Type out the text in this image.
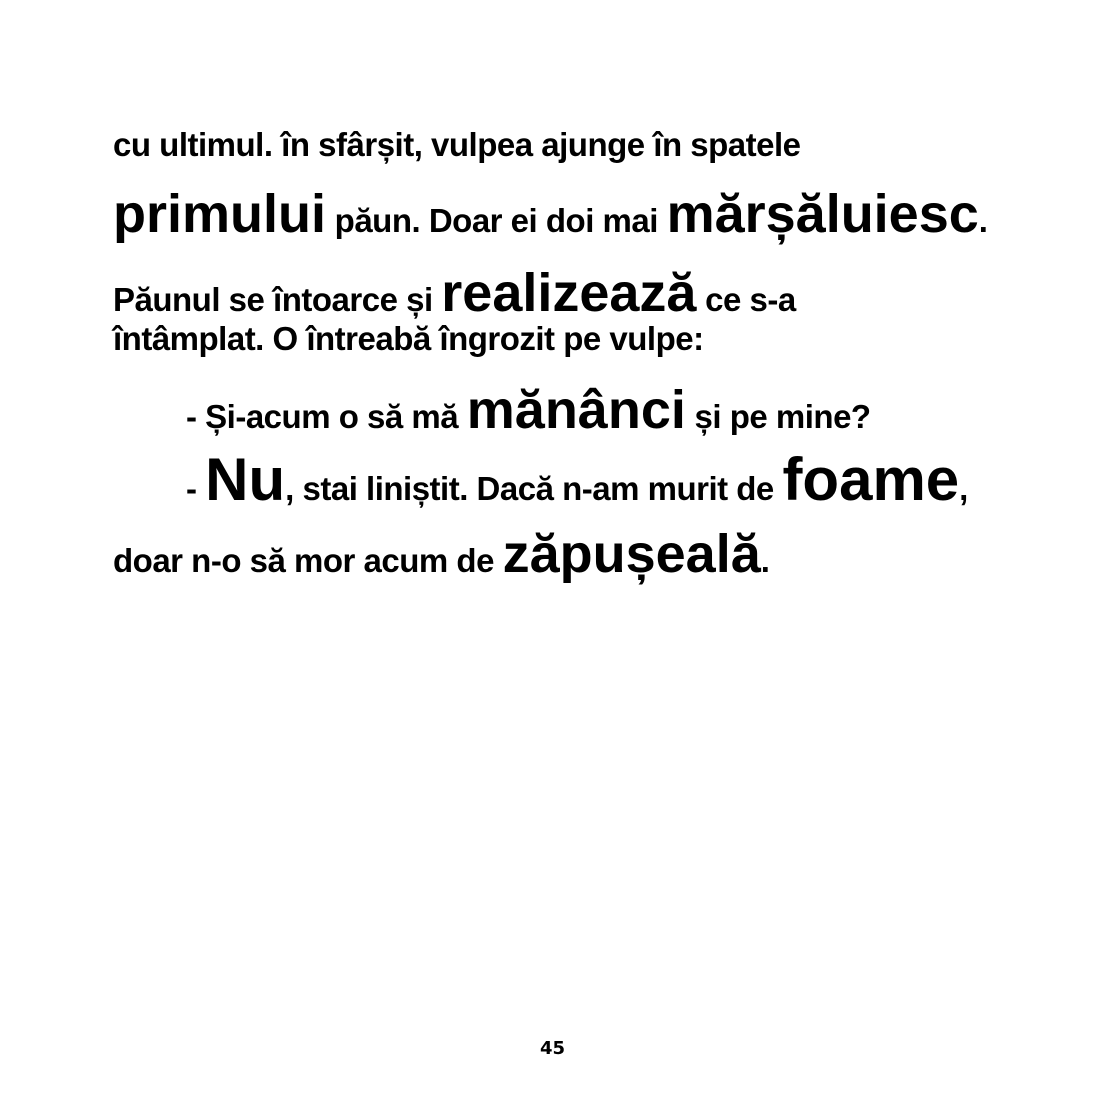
cu ultimul. în sfârșit, vulpea ajunge în spatele
primului păun. Doar ei doi mai mărșăluiesc.
Păunul se întoarce și realizează ce s-a
întâmplat. O întreabă îngrozit pe vulpe:
- Și-acum o să mă mănânci și pe mine?
- Nu, stai liniștit. Dacă n-am murit de foame,
doar n-o să mor acum de zăpușeală.
45
